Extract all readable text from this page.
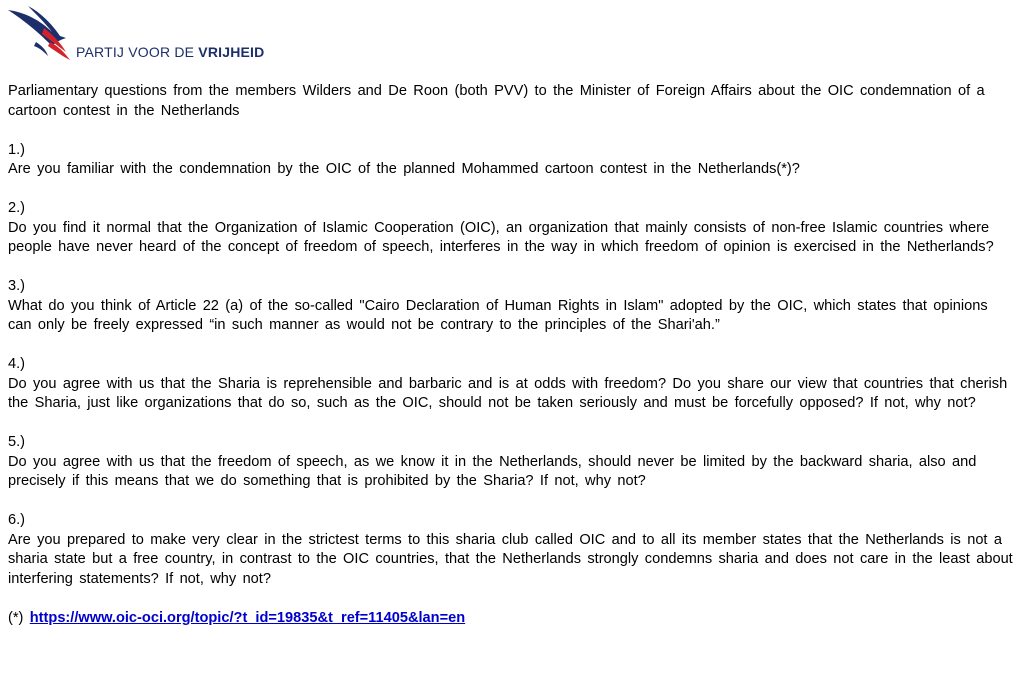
PARTIJ VOOR DE VRIJHEID

Parliamentary questions from the members Wilders and De Roon (both PVV) to the Minister of Foreign Affairs about the OIC condemnation of a cartoon contest in the Netherlands

1.)
Are you familiar with the condemnation by the OIC of the planned Mohammed cartoon contest in the Netherlands(*)?
2.)
Do you find it normal that the Organization of Islamic Cooperation (OIC), an organization that mainly consists of non-free Islamic countries where people have never heard of the concept of freedom of speech, interferes in the way in which freedom of opinion is exercised in the Netherlands?
3.)
What do you think of Article 22 (a) of the so-called "Cairo Declaration of Human Rights in Islam" adopted by the OIC, which states that opinions can only be freely expressed “in such manner as would not be contrary to the principles of the Shari'ah.”
4.)
Do you agree with us that the Sharia is reprehensible and barbaric and is at odds with freedom? Do you share our view that countries that cherish the Sharia, just like organizations that do so, such as the OIC, should not be taken seriously and must be forcefully opposed? If not, why not?
5.)
Do you agree with us that the freedom of speech, as we know it in the Netherlands, should never be limited by the backward sharia, also and precisely if this means that we do something that is prohibited by the Sharia? If not, why not?
6.)
Are you prepared to make very clear in the strictest terms to this sharia club called OIC and to all its member states that the Netherlands is not a sharia state but a free country, in contrast to the OIC countries, that the Netherlands strongly condemns sharia and does not care in the least about interfering statements? If not, why not?
(*) https://www.oic-oci.org/topic/?t_id=19835&t_ref=11405&lan=en
